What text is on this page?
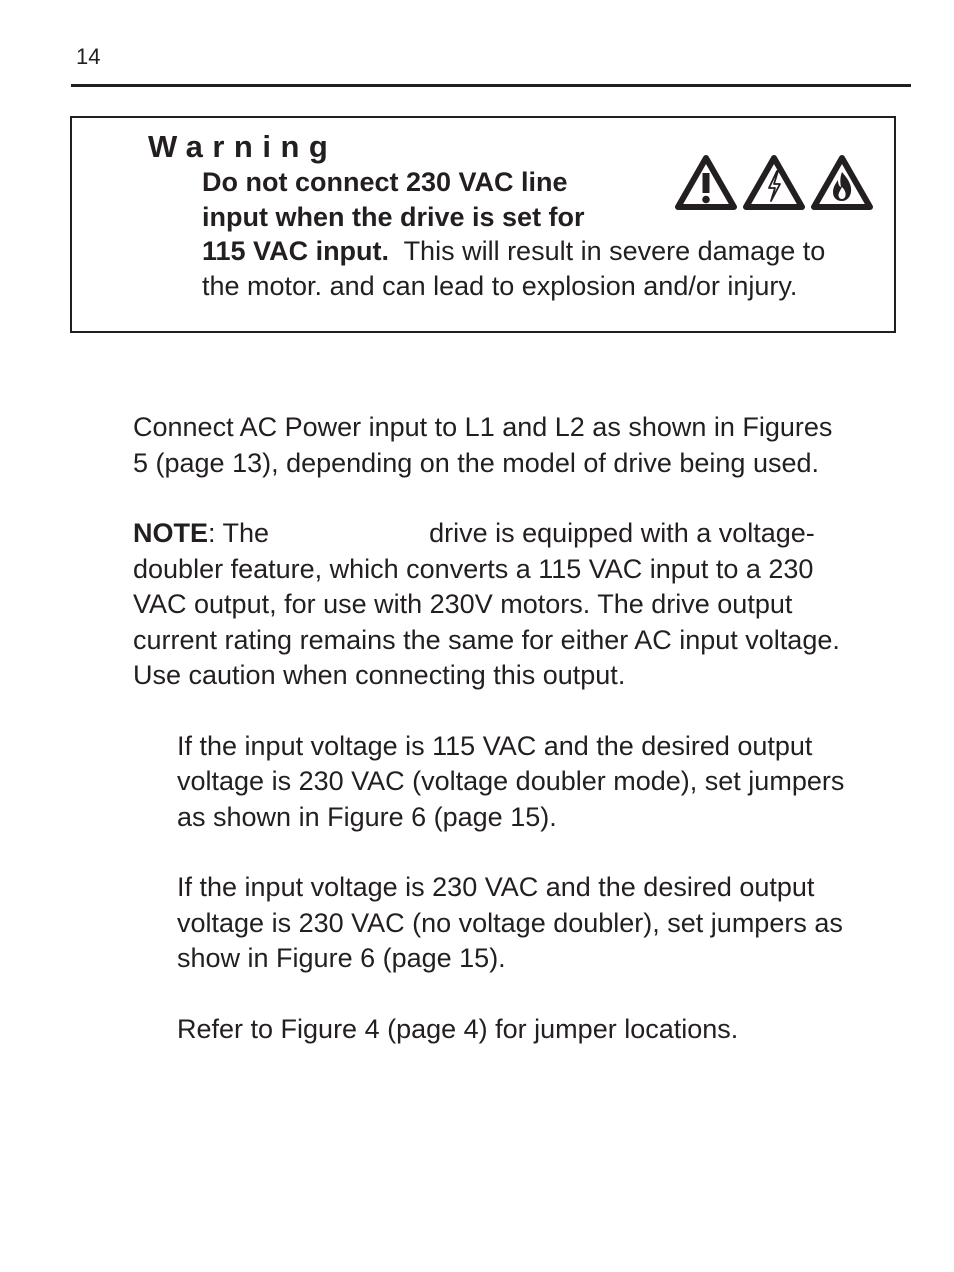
14
Warning
Do not connect 230 VAC line
input when the drive is set for
115 VAC input. This will result in severe damage to
the motor. and can lead to explosion and/or injury.
Connect AC Power input to L1 and L2 as shown in Figures
5 (page 13), depending on the model of drive being used.
NOTE: The	drive is equipped with a voltage-
doubler feature, which converts a 115 VAC input to a 230
VAC output, for use with 230V motors. The drive output
current rating remains the same for either AC input voltage.
Use caution when connecting this output.
If the input voltage is 115 VAC and the desired output
voltage is 230 VAC (voltage doubler mode), set jumpers
as shown in Figure 6 (page 15).
If the input voltage is 230 VAC and the desired output
voltage is 230 VAC (no voltage doubler), set jumpers as
show in Figure 6 (page 15).
Refer to Figure 4 (page 4) for jumper locations.
